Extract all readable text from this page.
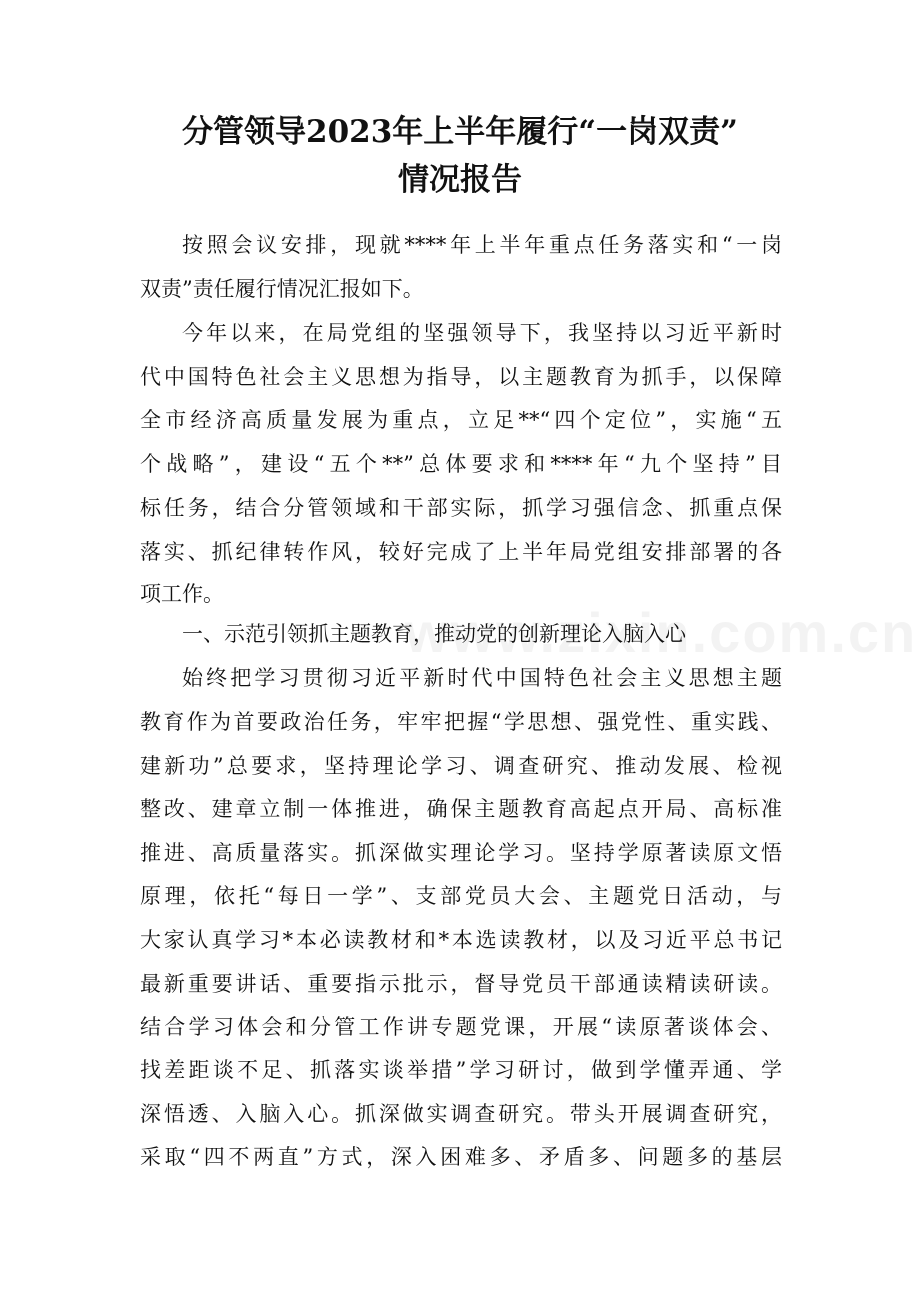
分管领导2023年上半年履行“一岗双责”
情况报告

按照会议安排，现就****年上半年重点任务落实和“一岗

双责”责任履行情况汇报如下。

今年以来，在局党组的坚强领导下，我坚持以习近平新时

代中国特色社会主义思想为指导，以主题教育为抓手，以保障

全市经济高质量发展为重点，立足**“四个定位”，实施“五

个战略”，建设“五个**”总体要求和****年“九个坚持”目

标任务，结合分管领域和干部实际，抓学习强信念、抓重点保

落实、抓纪律转作风，较好完成了上半年局党组安排部署的各

项工作。

一、示范引领抓主题教育，推动党的创新理论入脑入心

始终把学习贯彻习近平新时代中国特色社会主义思想主题

教育作为首要政治任务，牢牢把握“学思想、强党性、重实践、

建新功”总要求，坚持理论学习、调查研究、推动发展、检视

整改、建章立制一体推进，确保主题教育高起点开局、高标准

推进、高质量落实。抓深做实理论学习。坚持学原著读原文悟

原理，依托“每日一学”、支部党员大会、主题党日活动，与

大家认真学习*本必读教材和*本选读教材，以及习近平总书记

最新重要讲话、重要指示批示，督导党员干部通读精读研读。

结合学习体会和分管工作讲专题党课，开展“读原著谈体会、

找差距谈不足、抓落实谈举措”学习研讨，做到学懂弄通、学

深悟透、入脑入心。抓深做实调查研究。带头开展调查研究，

采取“四不两直”方式，深入困难多、矛盾多、问题多的基层
